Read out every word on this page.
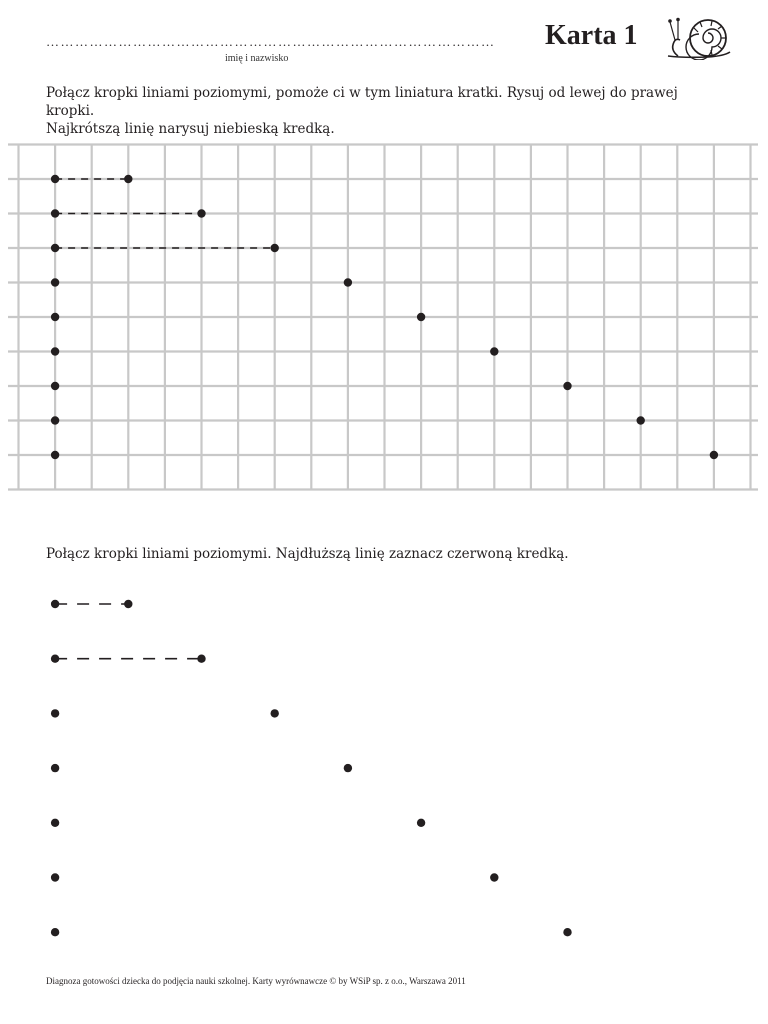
…………………………………………………………………………………
imię i nazwisko
Karta 1

Połącz kropki liniami poziomymi, pomoże ci w tym liniatura kratki. Rysuj od lewej do prawej kropki.
Najkrótszą linię narysuj niebieską kredką.

Połącz kropki liniami poziomymi. Najdłuższą linię zaznacz czerwoną kredką.

Diagnoza gotowości dziecka do podjęcia nauki szkolnej. Karty wyrównawcze © by WSiP sp. z o.o., Warszawa 2011
